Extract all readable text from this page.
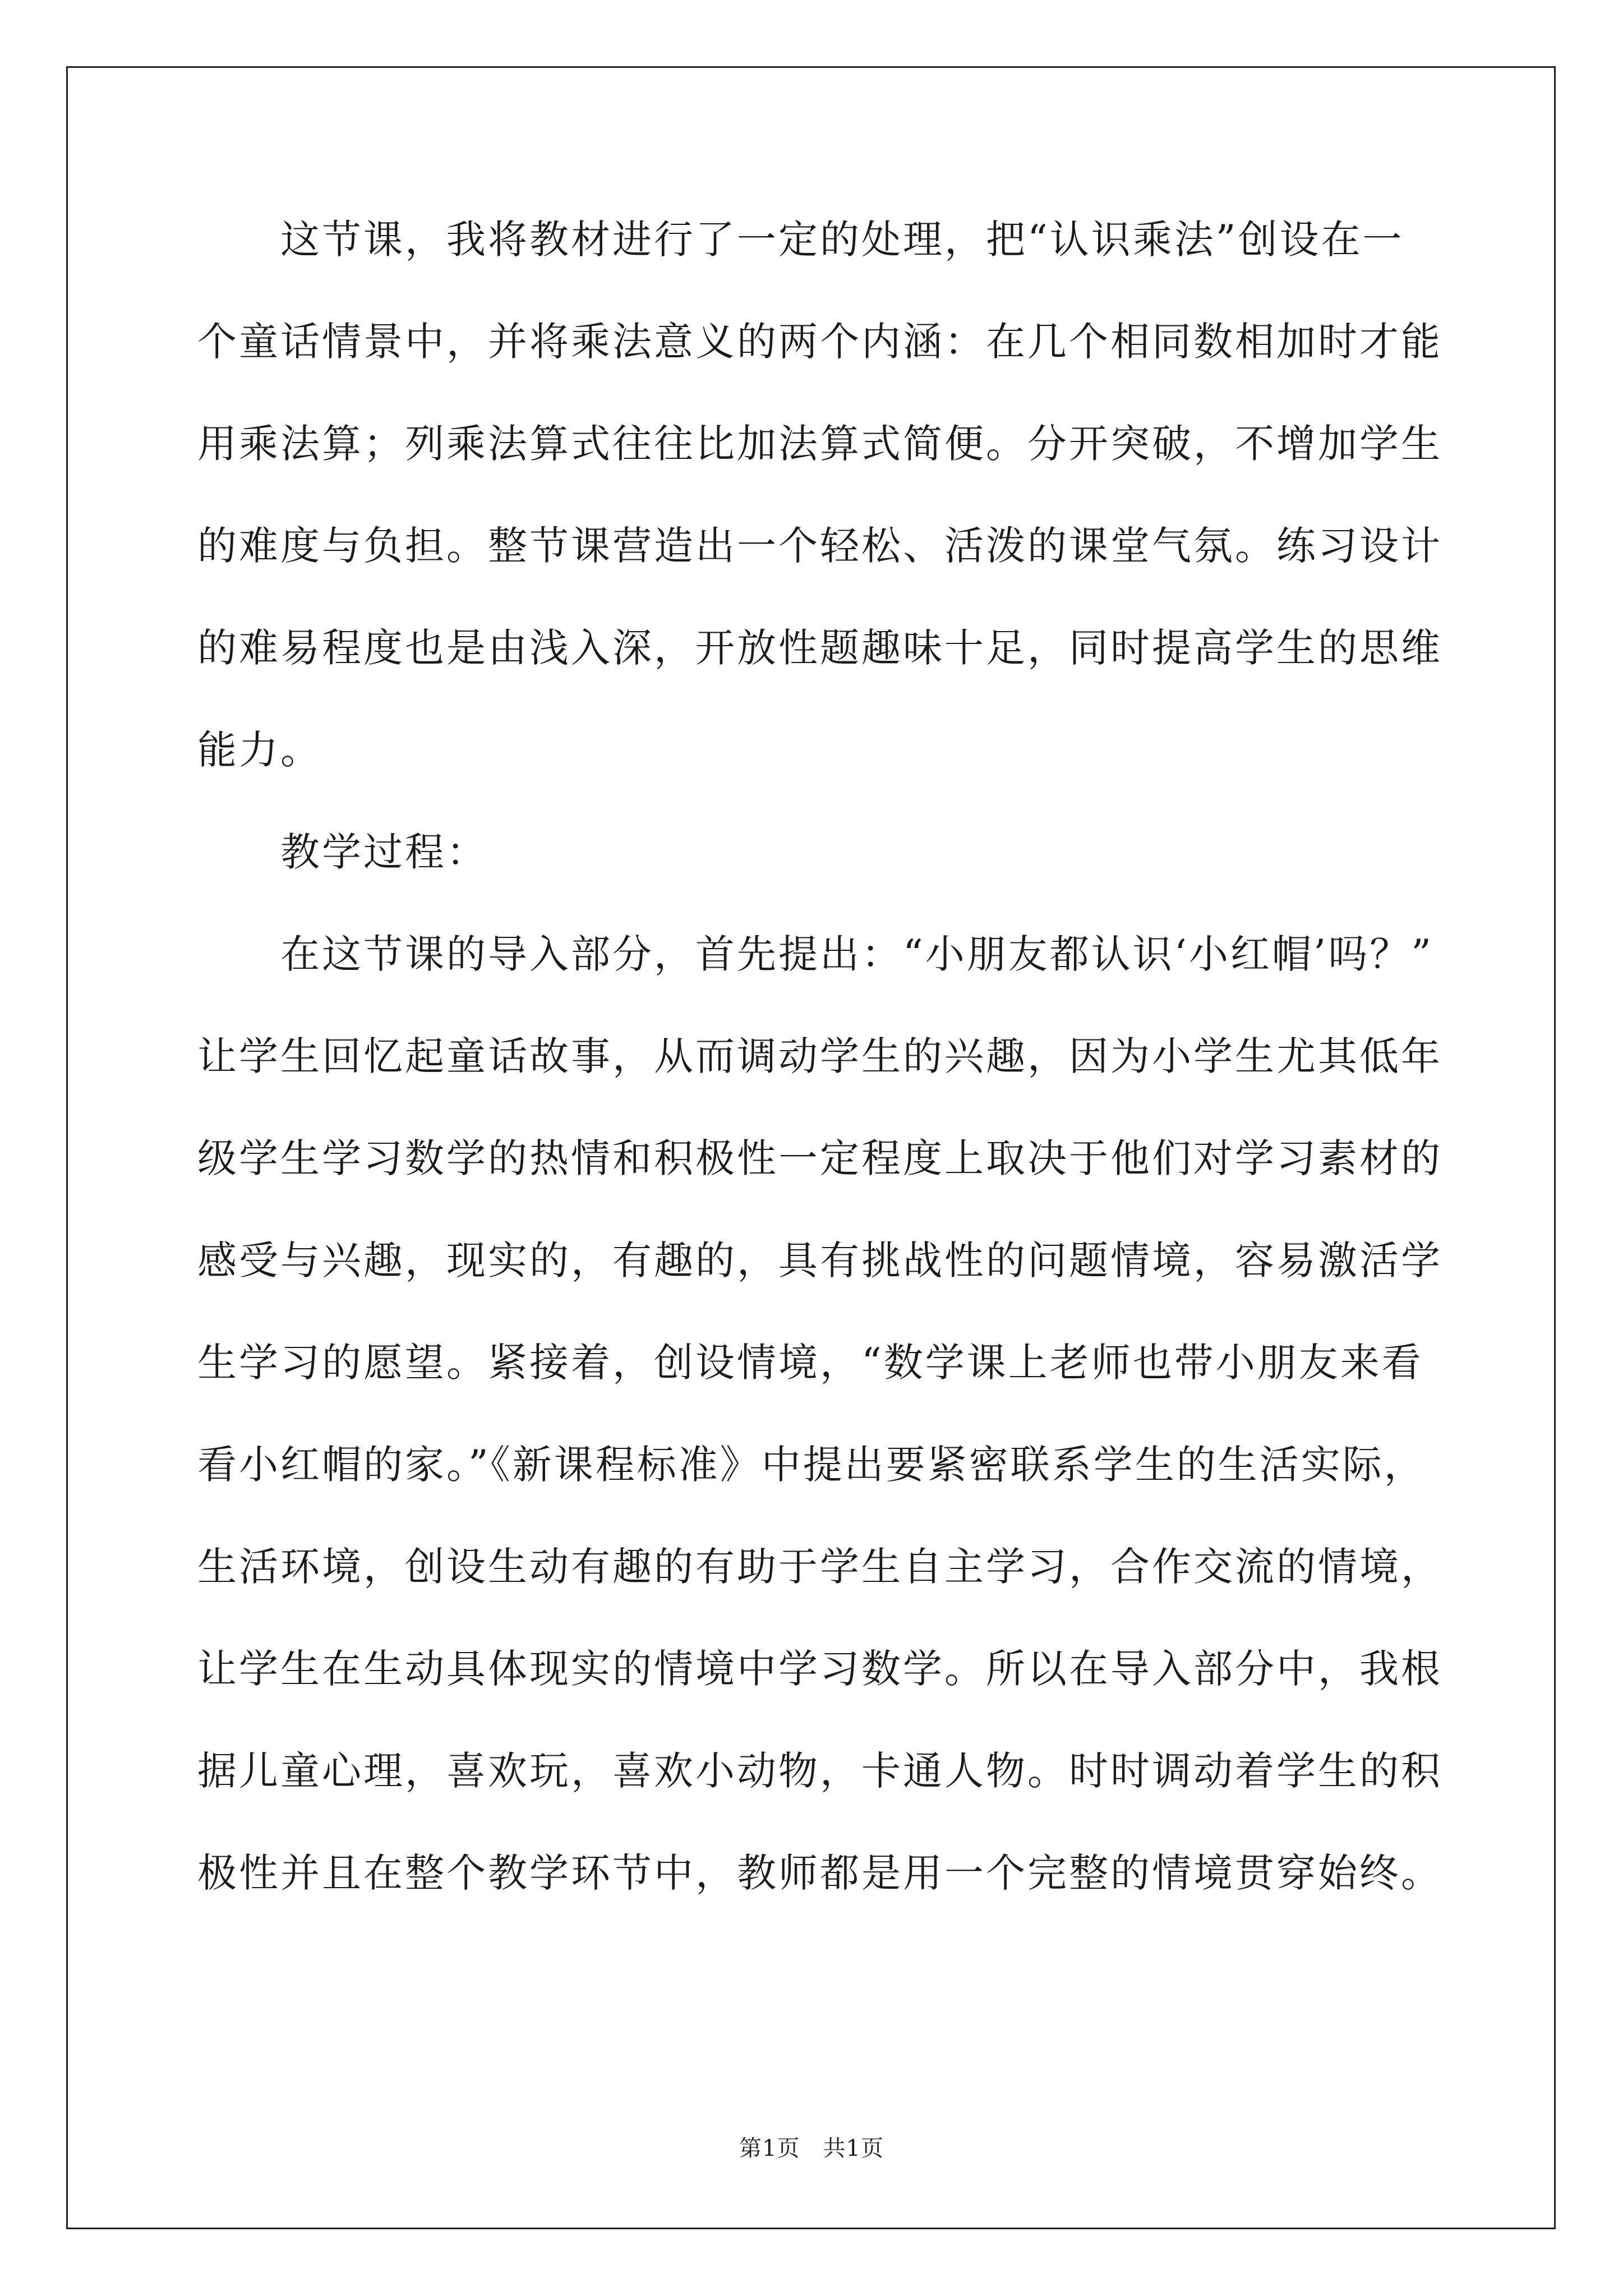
这节课，我将教材进行了一定的处理，把“认识乘法”创设在一
个童话情景中，并将乘法意义的两个内涵：在几个相同数相加时才能
用乘法算；列乘法算式往往比加法算式简便。分开突破，不增加学生
的难度与负担。整节课营造出一个轻松、活泼的课堂气氛。练习设计
的难易程度也是由浅入深，开放性题趣味十足，同时提高学生的思维
能力。
教学过程：
在这节课的导入部分，首先提出：“小朋友都认识‘小红帽’吗？”
让学生回忆起童话故事，从而调动学生的兴趣，因为小学生尤其低年
级学生学习数学的热情和积极性一定程度上取决于他们对学习素材的
感受与兴趣，现实的，有趣的，具有挑战性的问题情境，容易激活学
生学习的愿望。紧接着，创设情境，“数学课上老师也带小朋友来看
看小红帽的家。”《新课程标准》中提出要紧密联系学生的生活实际，
生活环境，创设生动有趣的有助于学生自主学习，合作交流的情境，
让学生在生动具体现实的情境中学习数学。所以在导入部分中，我根
据儿童心理，喜欢玩，喜欢小动物，卡通人物。时时调动着学生的积
极性并且在整个教学环节中，教师都是用一个完整的情境贯穿始终。
第1页　共1页
